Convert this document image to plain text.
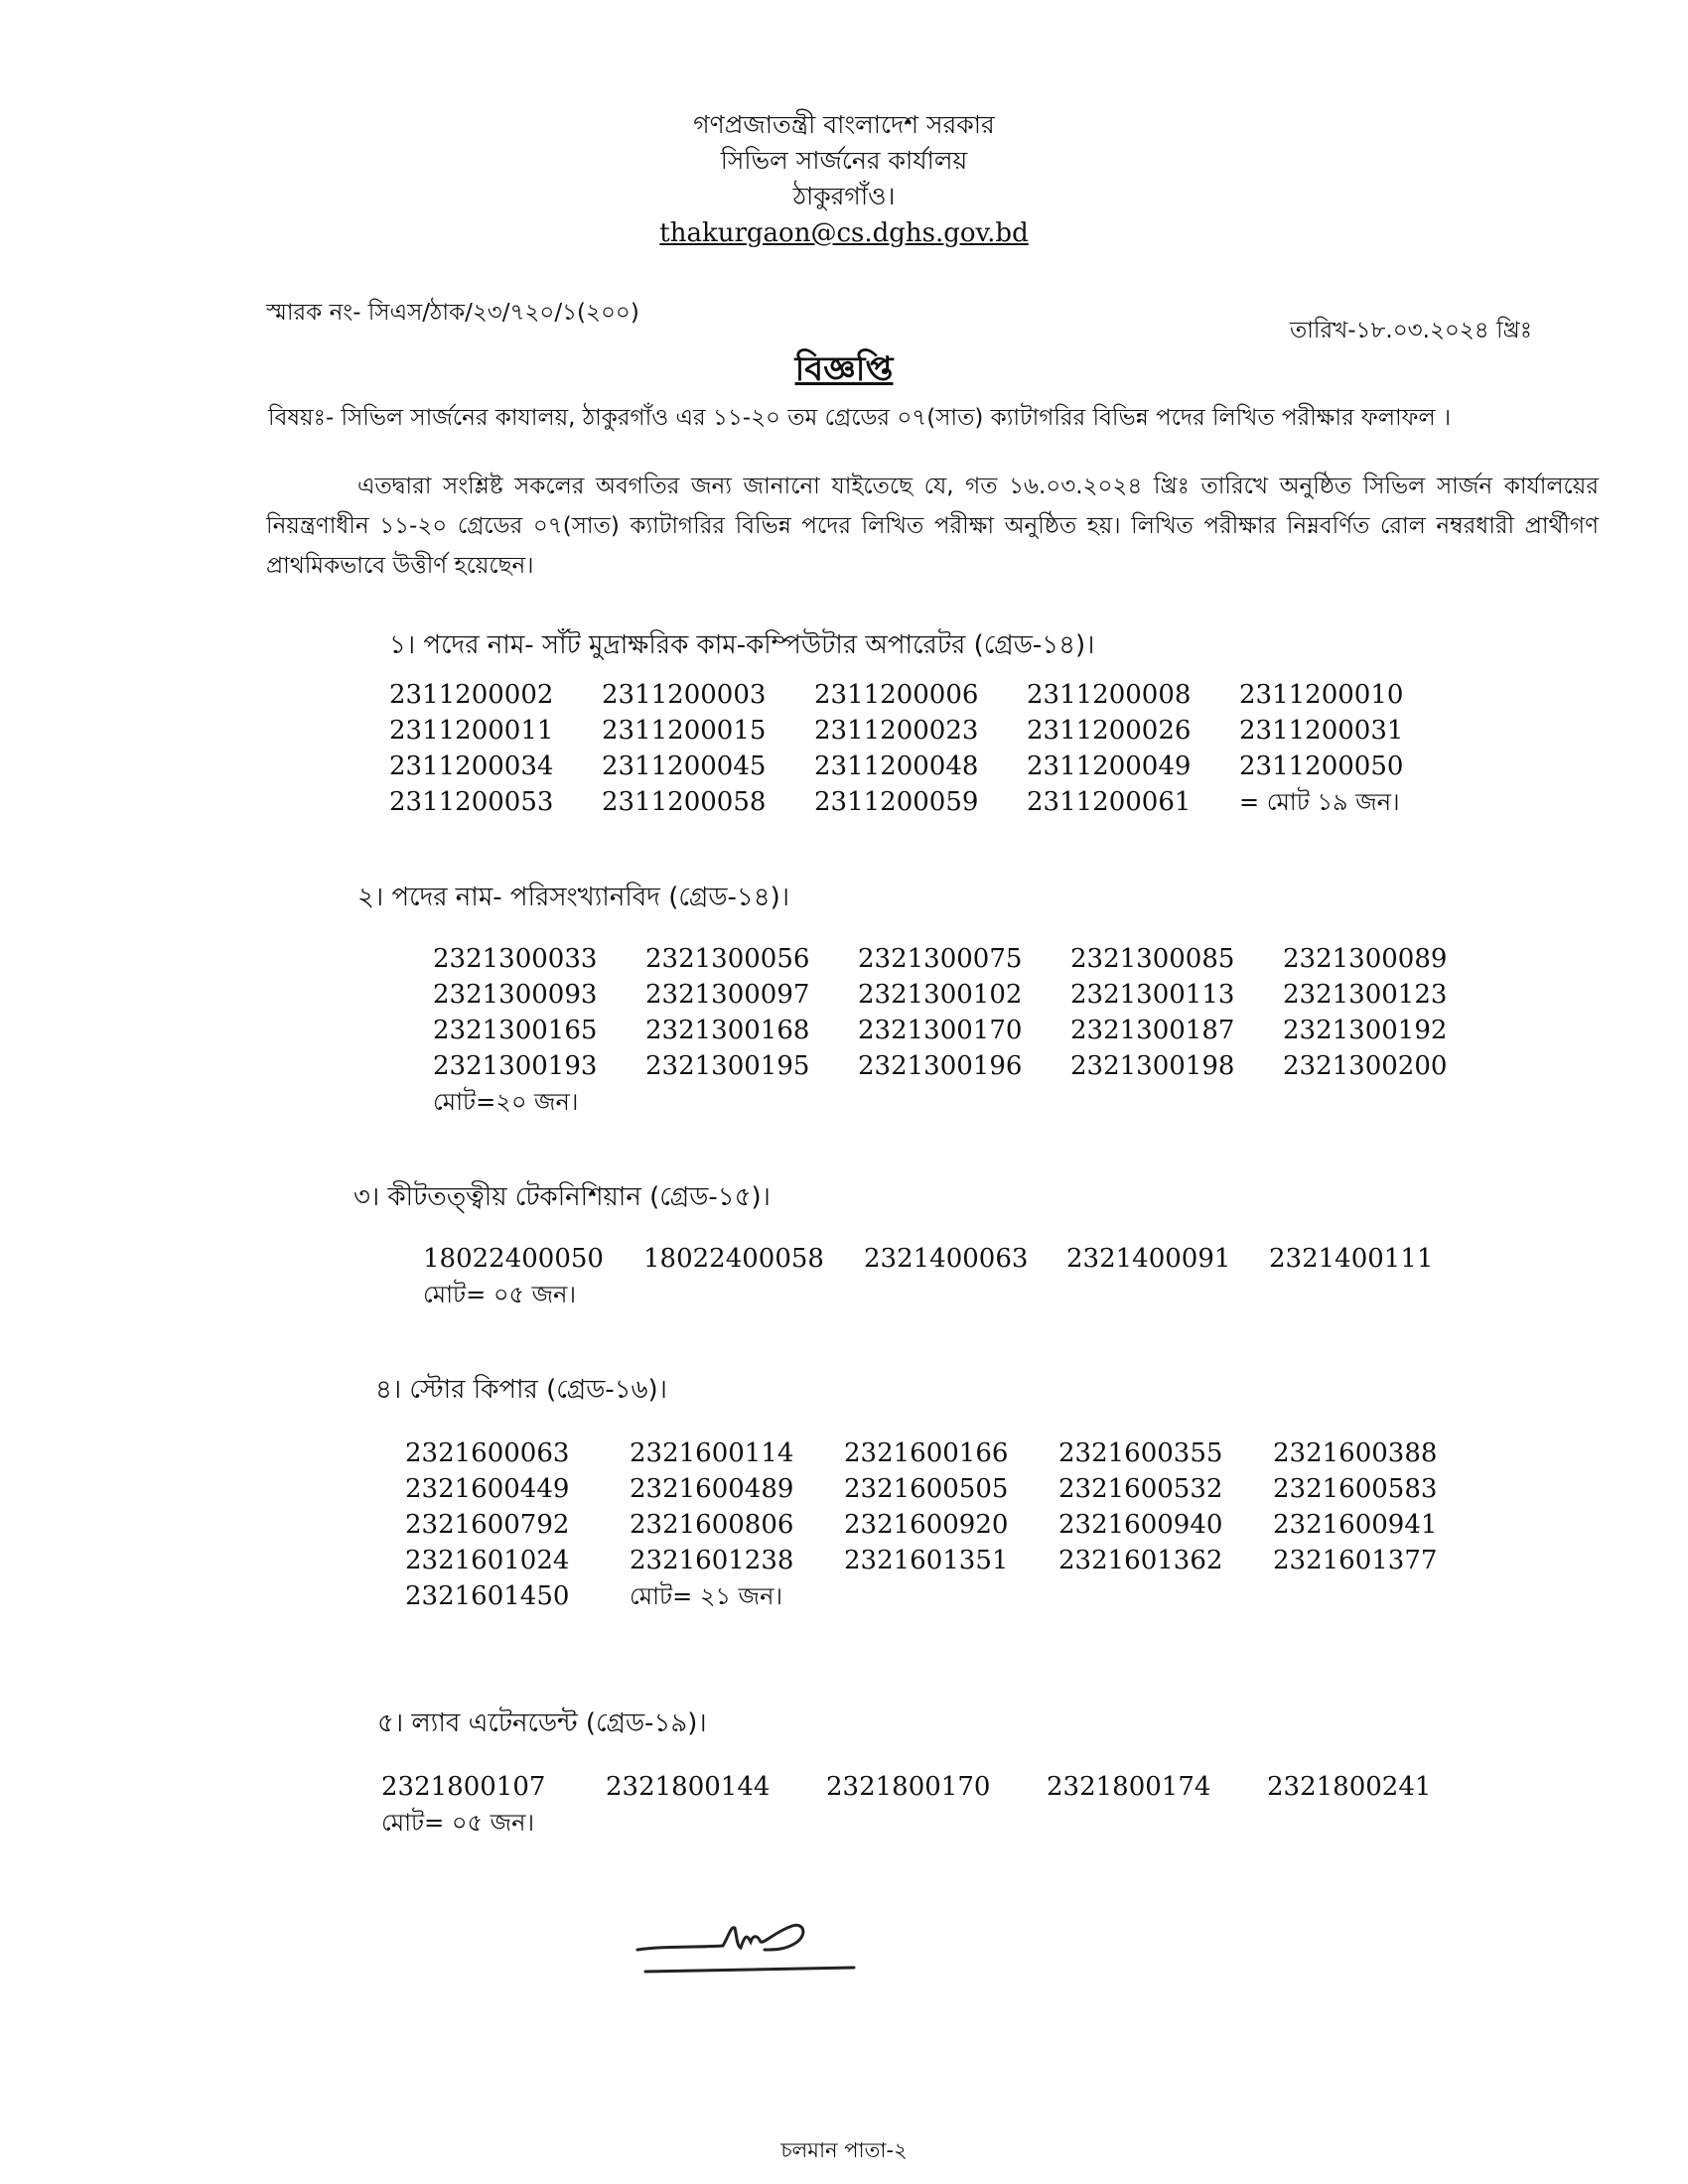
গণপ্রজাতন্ত্রী বাংলাদেশ সরকার
সিভিল সার্জনের কার্যালয়
ঠাকুরগাঁও।
thakurgaon@cs.dghs.gov.bd
স্মারক নং- সিএস/ঠাক/২৩/৭২০/১(২০০)
তারিখ-১৮.০৩.২০২৪ খ্রিঃ
বিজ্ঞপ্তি
বিষয়ঃ- সিভিল সার্জনের কাযালয়, ঠাকুরগাঁও এর ১১-২০ তম গ্রেডের ০৭(সাত) ক্যাটাগরির বিভিন্ন পদের লিখিত পরীক্ষার ফলাফল ।
এতদ্বারা সংশ্লিষ্ট সকলের অবগতির জন্য জানানো যাইতেছে যে, গত ১৬.০৩.২০২৪ খ্রিঃ তারিখে অনুষ্ঠিত সিভিল সার্জন কার্যালয়ের নিয়ন্ত্রণাধীন ১১-২০ গ্রেডের ০৭(সাত) ক্যাটাগরির বিভিন্ন পদের লিখিত পরীক্ষা অনুষ্ঠিত হয়। লিখিত পরীক্ষার নিম্নবর্ণিত রোল নম্বরধারী প্রার্থীগণ প্রাথমিকভাবে উত্তীর্ণ হয়েছেন।
১। পদের নাম- সাঁট মুদ্রাক্ষরিক কাম-কম্পিউটার অপারেটর (গ্রেড-১৪)।
2311200002	2311200003	2311200006	2311200008	2311200010
2311200011	2311200015	2311200023	2311200026	2311200031
2311200034	2311200045	2311200048	2311200049	2311200050
2311200053	2311200058	2311200059	2311200061	= মোট ১৯ জন।
২। পদের নাম- পরিসংখ্যানবিদ (গ্রেড-১৪)।
2321300033	2321300056	2321300075	2321300085	2321300089
2321300093	2321300097	2321300102	2321300113	2321300123
2321300165	2321300168	2321300170	2321300187	2321300192
2321300193	2321300195	2321300196	2321300198	2321300200
মোট=২০ জন।
৩। কীটতত্ত্বীয় টেকনিশিয়ান (গ্রেড-১৫)।
18022400050	18022400058	2321400063	2321400091	2321400111
মোট= ০৫ জন।
৪। স্টোর কিপার (গ্রেড-১৬)।
2321600063	2321600114	2321600166	2321600355	2321600388
2321600449	2321600489	2321600505	2321600532	2321600583
2321600792	2321600806	2321600920	2321600940	2321600941
2321601024	2321601238	2321601351	2321601362	2321601377
2321601450	মোট= ২১ জন।
৫। ল্যাব এটেনডেন্ট (গ্রেড-১৯)।
2321800107	2321800144	2321800170	2321800174	2321800241
মোট= ০৫ জন।
চলমান পাতা-২
